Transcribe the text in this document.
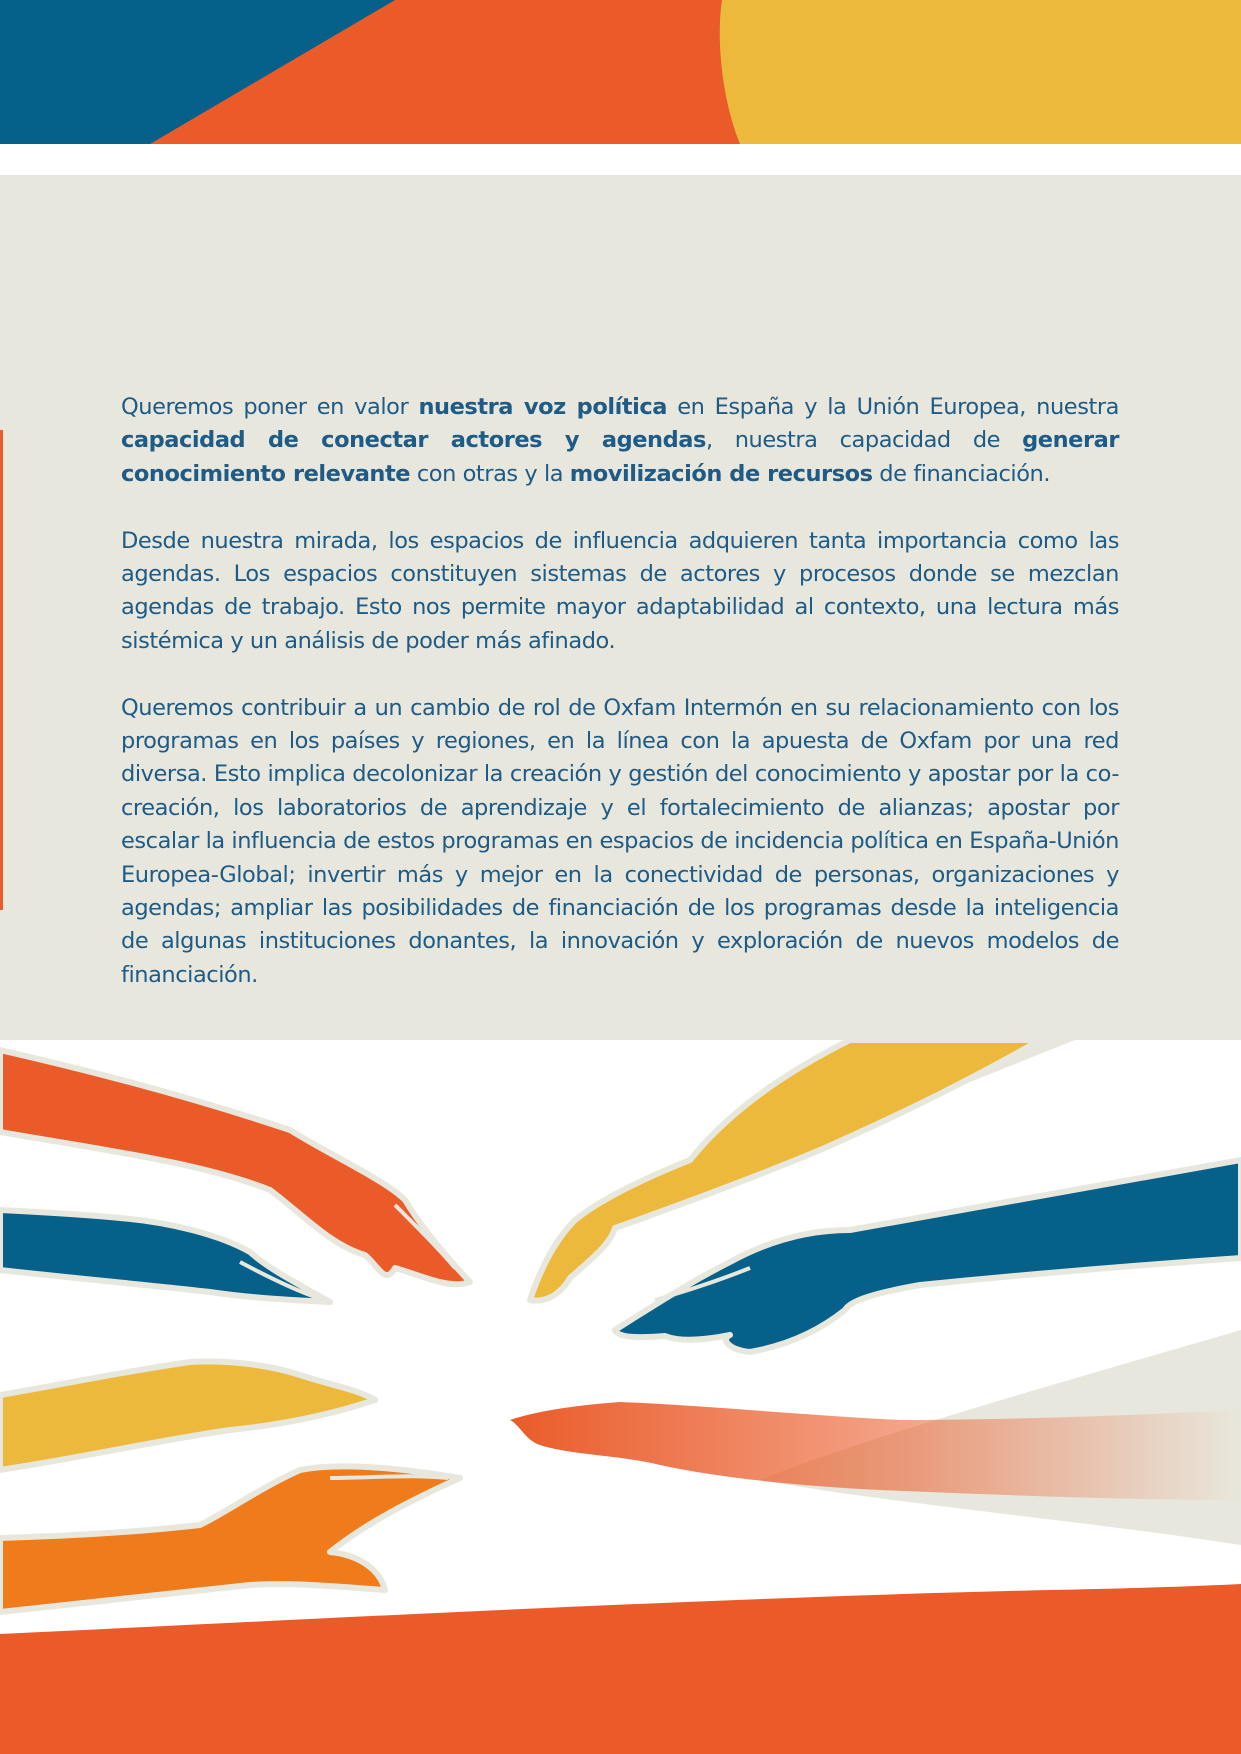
Queremos poner en valor nuestra voz política en España y la Unión Europea, nuestra capacidad de conectar actores y agendas, nuestra capacidad de generar conocimiento relevante con otras y la movilización de recursos de financiación.

Desde nuestra mirada, los espacios de influencia adquieren tanta importancia como las agendas. Los espacios constituyen sistemas de actores y procesos donde se mezclan agendas de trabajo. Esto nos permite mayor adaptabilidad al contexto, una lectura más sistémica y un análisis de poder más afinado.

Queremos contribuir a un cambio de rol de Oxfam Intermón en su relacionamiento con los programas en los países y regiones, en la línea con la apuesta de Oxfam por una red diversa. Esto implica decolonizar la creación y gestión del conocimiento y apostar por la co-creación, los laboratorios de aprendizaje y el fortalecimiento de alianzas; apostar por escalar la influencia de estos programas en espacios de incidencia política en España-Unión Europea-Global; invertir más y mejor en la conectividad de personas, organizaciones y agendas; ampliar las posibilidades de financiación de los programas desde la inteligencia de algunas instituciones donantes, la innovación y exploración de nuevos modelos de financiación.
